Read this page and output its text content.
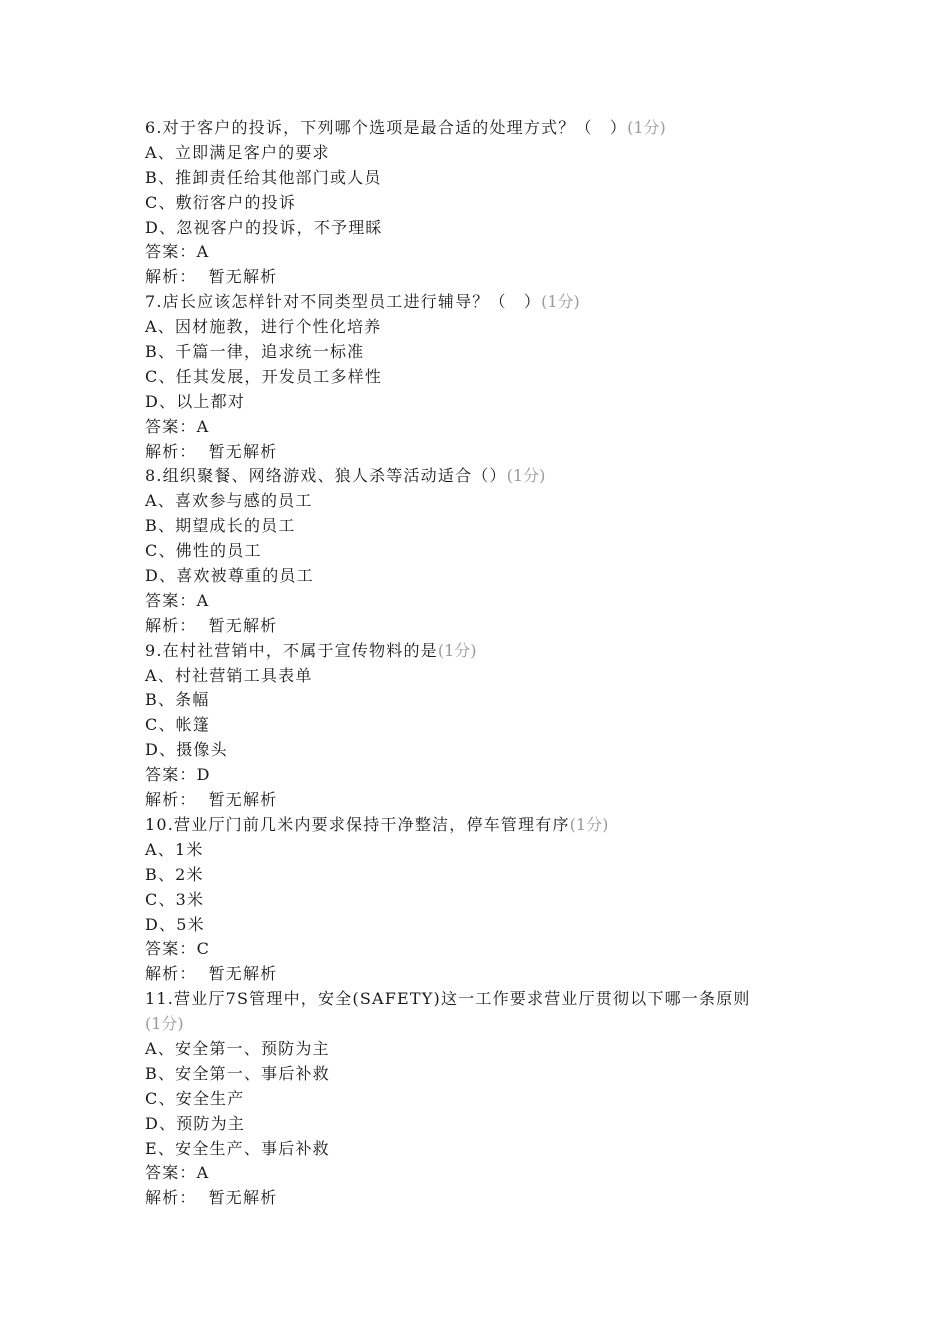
6.对于客户的投诉，下列哪个选项是最合适的处理方式？（　）(1分)
A、立即满足客户的要求
B、推卸责任给其他部门或人员
C、敷衍客户的投诉
D、忽视客户的投诉，不予理睬
答案：A
解析： 暂无解析
7.店长应该怎样针对不同类型员工进行辅导？（　）(1分)
A、因材施教，进行个性化培养
B、千篇一律，追求统一标准
C、任其发展，开发员工多样性
D、以上都对
答案：A
解析： 暂无解析
8.组织聚餐、网络游戏、狼人杀等活动适合（）(1分)
A、喜欢参与感的员工
B、期望成长的员工
C、佛性的员工
D、喜欢被尊重的员工
答案：A
解析： 暂无解析
9.在村社营销中，不属于宣传物料的是(1分)
A、村社营销工具表单
B、条幅
C、帐篷
D、摄像头
答案：D
解析： 暂无解析
10.营业厅门前几米内要求保持干净整洁，停车管理有序(1分)
A、1米
B、2米
C、3米
D、5米
答案：C
解析： 暂无解析
11.营业厅7S管理中，安全(SAFETY)这一工作要求营业厅贯彻以下哪一条原则
(1分)
A、安全第一、预防为主
B、安全第一、事后补救
C、安全生产
D、预防为主
E、安全生产、事后补救
答案：A
解析： 暂无解析
